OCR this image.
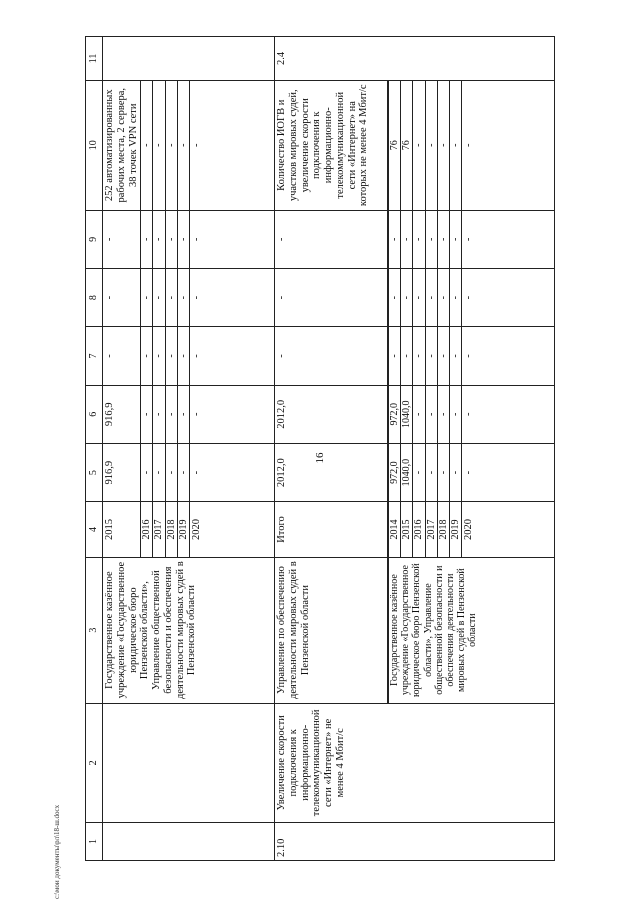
16
c:\мои документы\рл\18-ш.docx	1	2	3	4	5	6	7	8	9	10	11
		Государственное казённое учреждение «Государственное юридическое бюро Пензенской области», Управление общественной безопасности и обеспечения деятельности мировых судей в Пензенской области	2015	916,9	916,9	-	-	-	252 автоматизированных рабочих места, 2 сервера, 38 точек VPN сети	
			2016	-	-	-	-	-	-	
			2017	-	-	-	-	-	-	
			2018	-	-	-	-	-	-	
			2019	-	-	-	-	-	-	
			2020	-	-	-	-	-	-	
2.10	Увеличение скорости подключения к информационно-телекоммуникационной сети «Интернет» не менее 4 Мбит/с	Управление по обеспечению деятельности мировых судей в Пензенской области	Итого	2012,0	2012,0	-	-	-	Количество ИОГВ и участков мировых судей, увеличение скорости подключения к информационно-телекоммуникационной сети «Интернет» на которых не менее 4 Мбит/с	2.4
		Государственное казённое учреждение «Государственное юридическое бюро Пензенской области», Управление общественной безопасности и обеспечения деятельности мировых судей в Пензенской области	2014	972,0	972,0	-	-	-	76	
			2015	1040,0	1040,0	-	-	-	76	
			2016	-	-	-	-	-	-	
			2017	-	-	-	-	-	-	
			2018	-	-	-	-	-	-	
			2019	-	-	-	-	-	-	
			2020	-	-	-	-	-	-	
